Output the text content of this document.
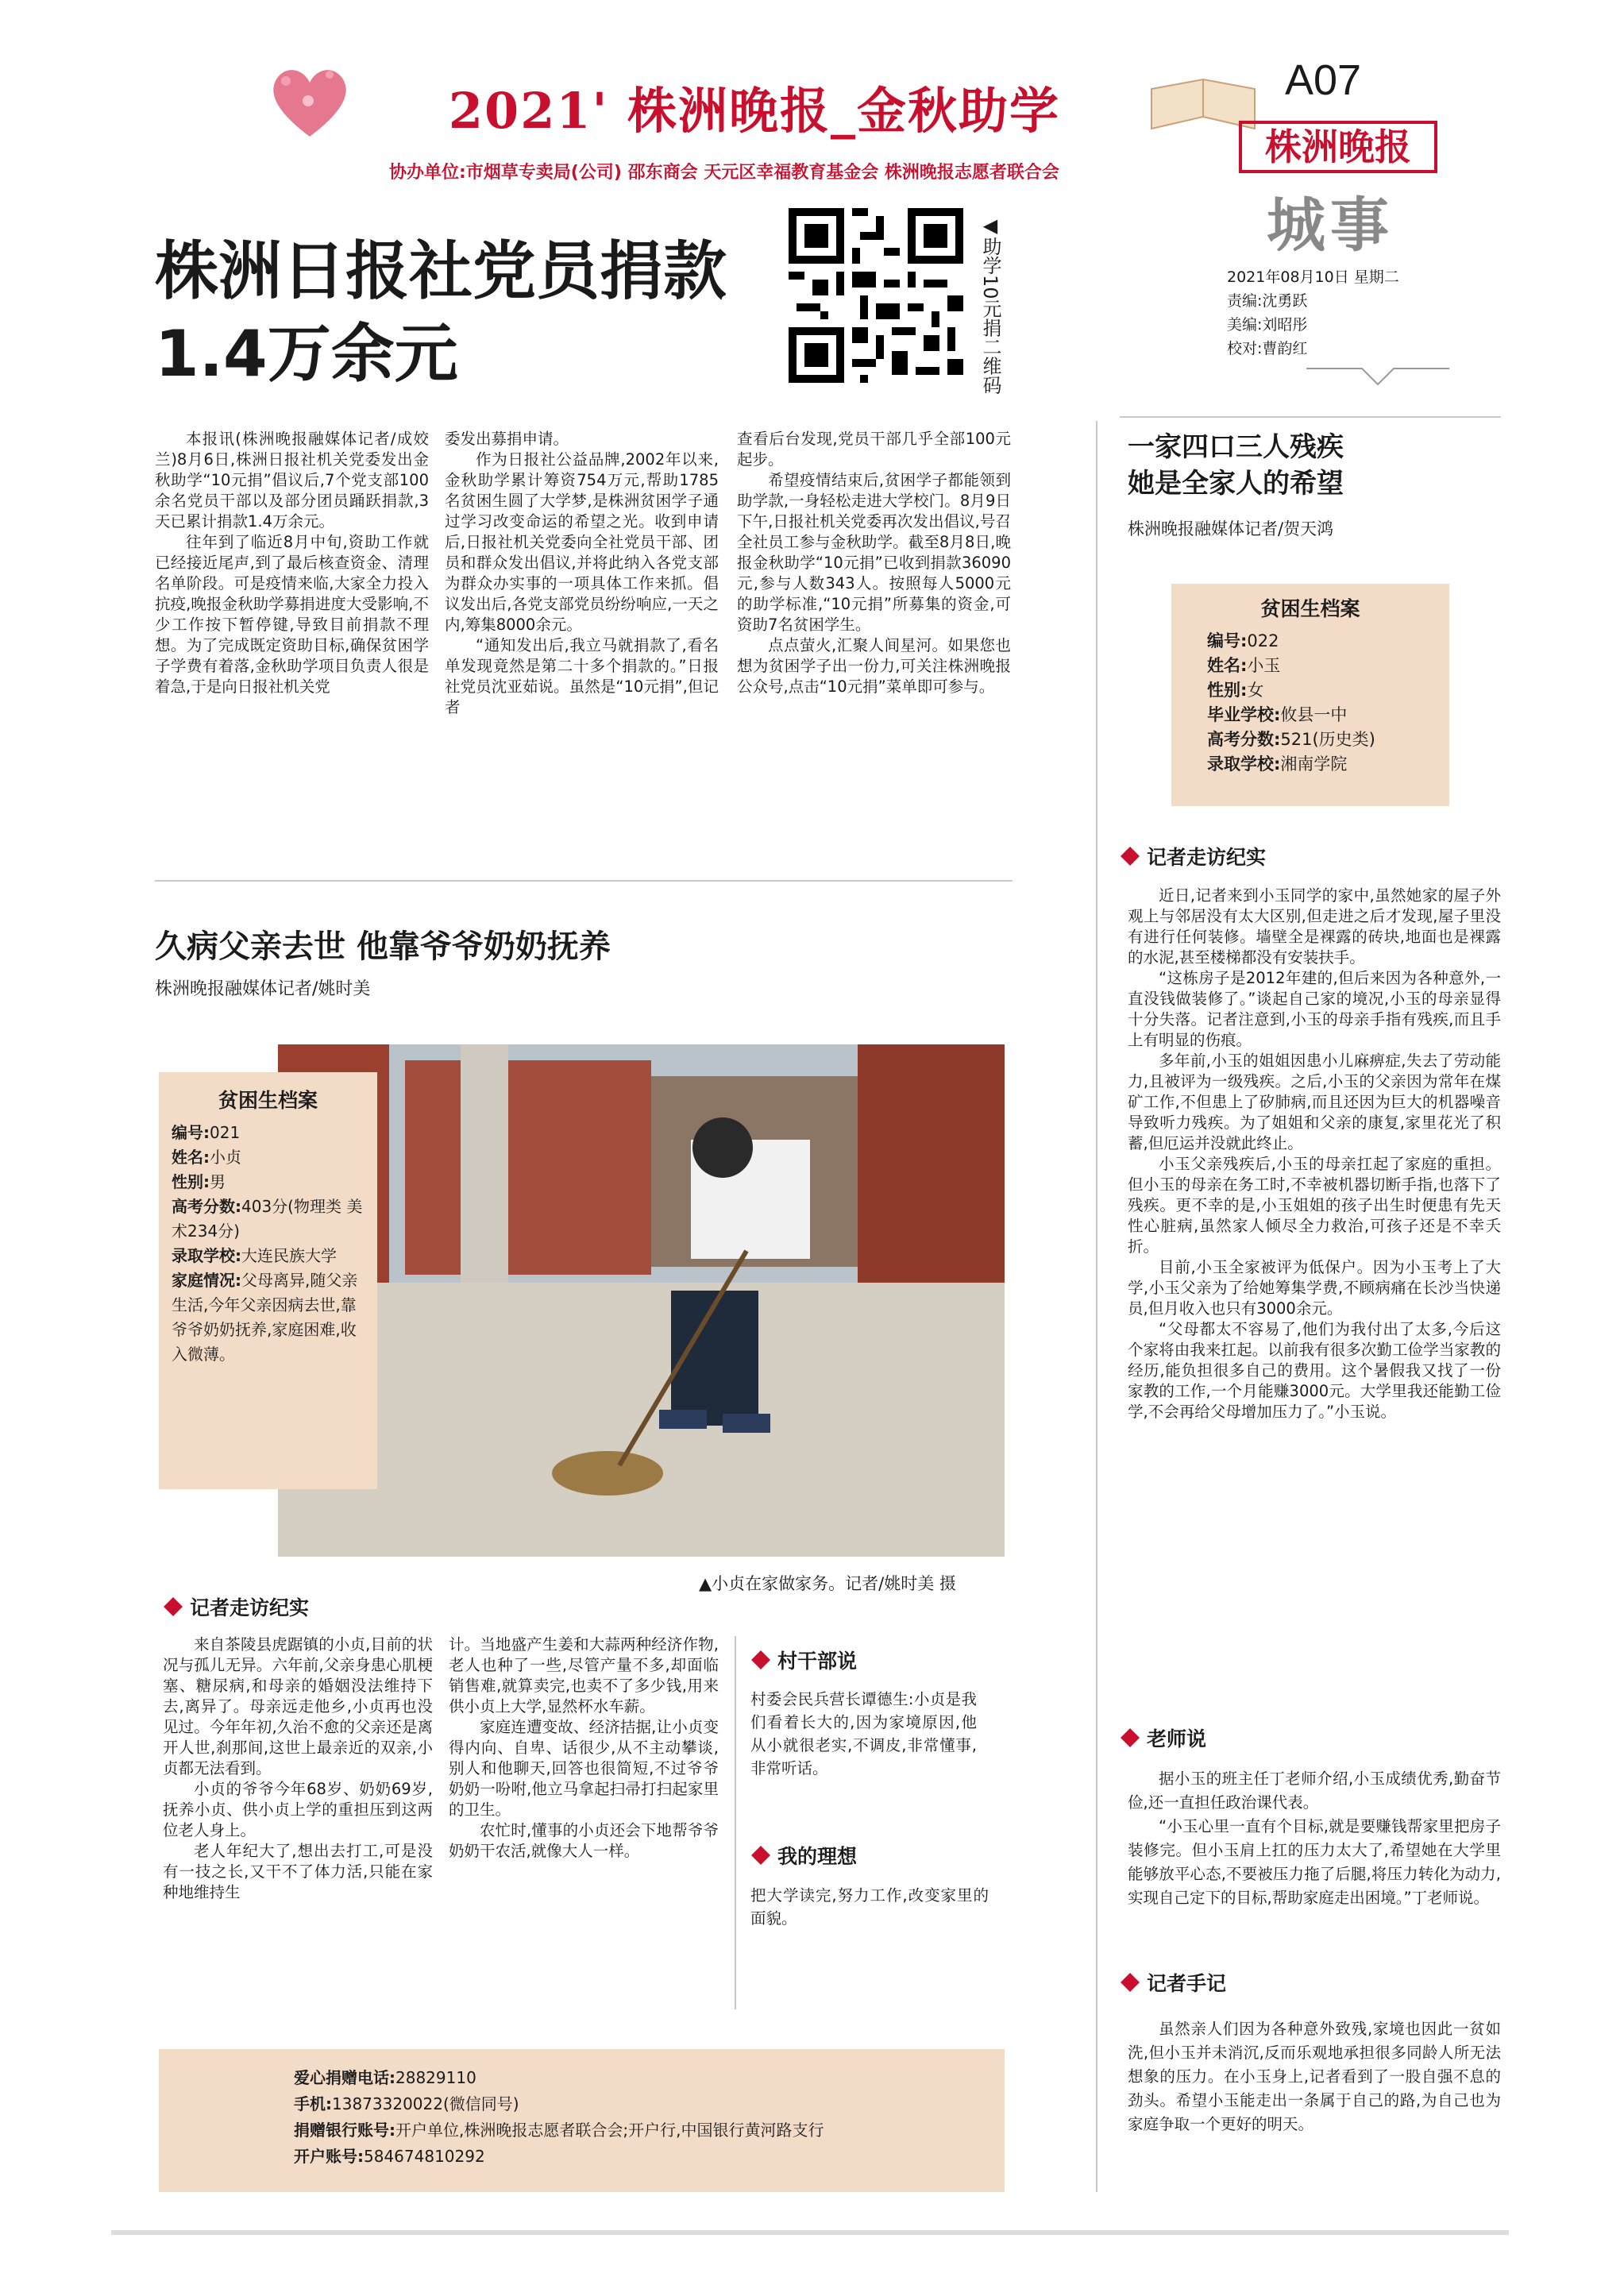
2021' 株洲晚报_金秋助学
协办单位:市烟草专卖局(公司) 邵东商会 天元区幸福教育基金会 株洲晚报志愿者联合会
A07
株洲晚报
城事
2021年08月10日 星期二
责编:沈勇跃
美编:刘昭彤
校对:曹韵红
株洲日报社党员捐款
1.4万余元	◀助学10元捐二维码

本报讯(株洲晚报融媒体记者/成姣兰)8月6日,株洲日报社机关党委发出金秋助学“10元捐”倡议后,7个党支部100余名党员干部以及部分团员踊跃捐款,3天已累计捐款1.4万余元。

往年到了临近8月中旬,资助工作就已经接近尾声,到了最后核查资金、清理名单阶段。可是疫情来临,大家全力投入抗疫,晚报金秋助学募捐进度大受影响,不少工作按下暂停键,导致目前捐款不理想。为了完成既定资助目标,确保贫困学子学费有着落,金秋助学项目负责人很是着急,于是向日报社机关党

委发出募捐申请。

作为日报社公益品牌,2002年以来,金秋助学累计筹资754万元,帮助1785名贫困生圆了大学梦,是株洲贫困学子通过学习改变命运的希望之光。收到申请后,日报社机关党委向全社党员干部、团员和群众发出倡议,并将此纳入各党支部为群众办实事的一项具体工作来抓。倡议发出后,各党支部党员纷纷响应,一天之内,筹集8000余元。

“通知发出后,我立马就捐款了,看名单发现竟然是第二十多个捐款的。”日报社党员沈亚茹说。虽然是“10元捐”,但记者

查看后台发现,党员干部几乎全部100元起步。

希望疫情结束后,贫困学子都能领到助学款,一身轻松走进大学校门。8月9日下午,日报社机关党委再次发出倡议,号召全社员工参与金秋助学。截至8月8日,晚报金秋助学“10元捐”已收到捐款36090元,参与人数343人。按照每人5000元的助学标准,“10元捐”所募集的资金,可资助7名贫困学生。

点点萤火,汇聚人间星河。如果您也想为贫困学子出一份力,可关注株洲晚报公众号,点击“10元捐”菜单即可参与。

久病父亲去世 他靠爷爷奶奶抚养
株洲晚报融媒体记者/姚时美
▲小贞在家做家务。记者/姚时美 摄
贫困生档案
编号:021
姓名:小贞
性别:男
高考分数:403分(物理类 美术234分)
录取学校:大连民族大学
家庭情况:父母离异,随父亲生活,今年父亲因病去世,靠爷爷奶奶抚养,家庭困难,收入微薄。
记者走访纪实

来自茶陵县虎踞镇的小贞,目前的状况与孤儿无异。六年前,父亲身患心肌梗塞、糖尿病,和母亲的婚姻没法维持下去,离异了。母亲远走他乡,小贞再也没见过。今年年初,久治不愈的父亲还是离开人世,刹那间,这世上最亲近的双亲,小贞都无法看到。

小贞的爷爷今年68岁、奶奶69岁,抚养小贞、供小贞上学的重担压到这两位老人身上。

老人年纪大了,想出去打工,可是没有一技之长,又干不了体力活,只能在家种地维持生

计。当地盛产生姜和大蒜两种经济作物,老人也种了一些,尽管产量不多,却面临销售难,就算卖完,也卖不了多少钱,用来供小贞上大学,显然杯水车薪。

家庭连遭变故、经济拮据,让小贞变得内向、自卑、话很少,从不主动攀谈,别人和他聊天,回答也很简短,不过爷爷奶奶一吩咐,他立马拿起扫帚打扫起家里的卫生。

农忙时,懂事的小贞还会下地帮爷爷奶奶干农活,就像大人一样。

村干部说

村委会民兵营长谭德生:小贞是我们看着长大的,因为家境原因,他从小就很老实,不调皮,非常懂事,非常听话。

我的理想

把大学读完,努力工作,改变家里的面貌。

爱心捐赠电话:28829110
手机:13873320022(微信同号)
捐赠银行账号:开户单位,株洲晚报志愿者联合会;开户行,中国银行黄河路支行
开户账号:584674810292
一家四口三人残疾
她是全家人的希望
株洲晚报融媒体记者/贺天鸿
贫困生档案
编号:022
姓名:小玉
性别:女
毕业学校:攸县一中
高考分数:521(历史类)
录取学校:湘南学院
记者走访纪实

近日,记者来到小玉同学的家中,虽然她家的屋子外观上与邻居没有太大区别,但走进之后才发现,屋子里没有进行任何装修。墙壁全是裸露的砖块,地面也是裸露的水泥,甚至楼梯都没有安装扶手。

“这栋房子是2012年建的,但后来因为各种意外,一直没钱做装修了。”谈起自己家的境况,小玉的母亲显得十分失落。记者注意到,小玉的母亲手指有残疾,而且手上有明显的伤痕。

多年前,小玉的姐姐因患小儿麻痹症,失去了劳动能力,且被评为一级残疾。之后,小玉的父亲因为常年在煤矿工作,不但患上了矽肺病,而且还因为巨大的机器噪音导致听力残疾。为了姐姐和父亲的康复,家里花光了积蓄,但厄运并没就此终止。

小玉父亲残疾后,小玉的母亲扛起了家庭的重担。但小玉的母亲在务工时,不幸被机器切断手指,也落下了残疾。更不幸的是,小玉姐姐的孩子出生时便患有先天性心脏病,虽然家人倾尽全力救治,可孩子还是不幸夭折。

目前,小玉全家被评为低保户。因为小玉考上了大学,小玉父亲为了给她筹集学费,不顾病痛在长沙当快递员,但月收入也只有3000余元。

“父母都太不容易了,他们为我付出了太多,今后这个家将由我来扛起。以前我有很多次勤工俭学当家教的经历,能负担很多自己的费用。这个暑假我又找了一份家教的工作,一个月能赚3000元。大学里我还能勤工俭学,不会再给父母增加压力了。”小玉说。

老师说

据小玉的班主任丁老师介绍,小玉成绩优秀,勤奋节俭,还一直担任政治课代表。

“小玉心里一直有个目标,就是要赚钱帮家里把房子装修完。但小玉肩上扛的压力太大了,希望她在大学里能够放平心态,不要被压力拖了后腿,将压力转化为动力,实现自己定下的目标,帮助家庭走出困境。”丁老师说。

记者手记

虽然亲人们因为各种意外致残,家境也因此一贫如洗,但小玉并未消沉,反而乐观地承担很多同龄人所无法想象的压力。在小玉身上,记者看到了一股自强不息的劲头。希望小玉能走出一条属于自己的路,为自己也为家庭争取一个更好的明天。
